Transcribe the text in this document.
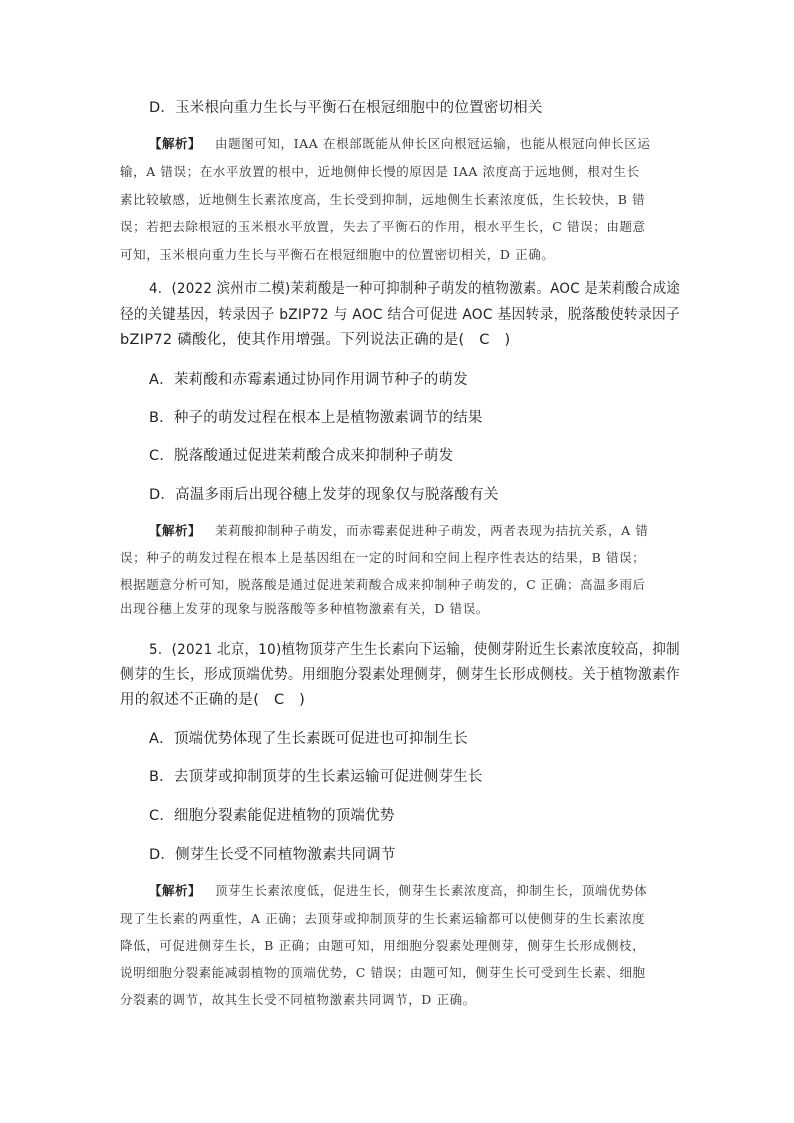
D．玉米根向重力生长与平衡石在根冠细胞中的位置密切相关
【解析】 由题图可知，IAA 在根部既能从伸长区向根冠运输，也能从根冠向伸长区运
输，A 错误；在水平放置的根中，近地侧伸长慢的原因是 IAA 浓度高于远地侧，根对生长
素比较敏感，近地侧生长素浓度高，生长受到抑制，远地侧生长素浓度低，生长较快，B 错
误；若把去除根冠的玉米根水平放置，失去了平衡石的作用，根水平生长，C 错误；由题意
可知，玉米根向重力生长与平衡石在根冠细胞中的位置密切相关，D 正确。
4．(2022 滨州市二模)茉莉酸是一种可抑制种子萌发的植物激素。AOC 是茉莉酸合成途
径的关键基因，转录因子 bZIP72 与 AOC 结合可促进 AOC 基因转录，脱落酸使转录因子
bZIP72 磷酸化，使其作用增强。下列说法正确的是(　C　)
A．茉莉酸和赤霉素通过协同作用调节种子的萌发
B．种子的萌发过程在根本上是植物激素调节的结果
C．脱落酸通过促进茉莉酸合成来抑制种子萌发
D．高温多雨后出现谷穗上发芽的现象仅与脱落酸有关
【解析】 茉莉酸抑制种子萌发，而赤霉素促进种子萌发，两者表现为拮抗关系，A 错
误；种子的萌发过程在根本上是基因组在一定的时间和空间上程序性表达的结果，B 错误；
根据题意分析可知，脱落酸是通过促进茉莉酸合成来抑制种子萌发的，C 正确；高温多雨后
出现谷穗上发芽的现象与脱落酸等多种植物激素有关，D 错误。
5．(2021 北京，10)植物顶芽产生生长素向下运输，使侧芽附近生长素浓度较高，抑制
侧芽的生长，形成顶端优势。用细胞分裂素处理侧芽，侧芽生长形成侧枝。关于植物激素作
用的叙述不正确的是(　C　)
A．顶端优势体现了生长素既可促进也可抑制生长
B．去顶芽或抑制顶芽的生长素运输可促进侧芽生长
C．细胞分裂素能促进植物的顶端优势
D．侧芽生长受不同植物激素共同调节
【解析】 顶芽生长素浓度低，促进生长，侧芽生长素浓度高，抑制生长，顶端优势体
现了生长素的两重性，A 正确；去顶芽或抑制顶芽的生长素运输都可以使侧芽的生长素浓度
降低，可促进侧芽生长，B 正确；由题可知，用细胞分裂素处理侧芽，侧芽生长形成侧枝，
说明细胞分裂素能减弱植物的顶端优势，C 错误；由题可知，侧芽生长可受到生长素、细胞
分裂素的调节，故其生长受不同植物激素共同调节，D 正确。
